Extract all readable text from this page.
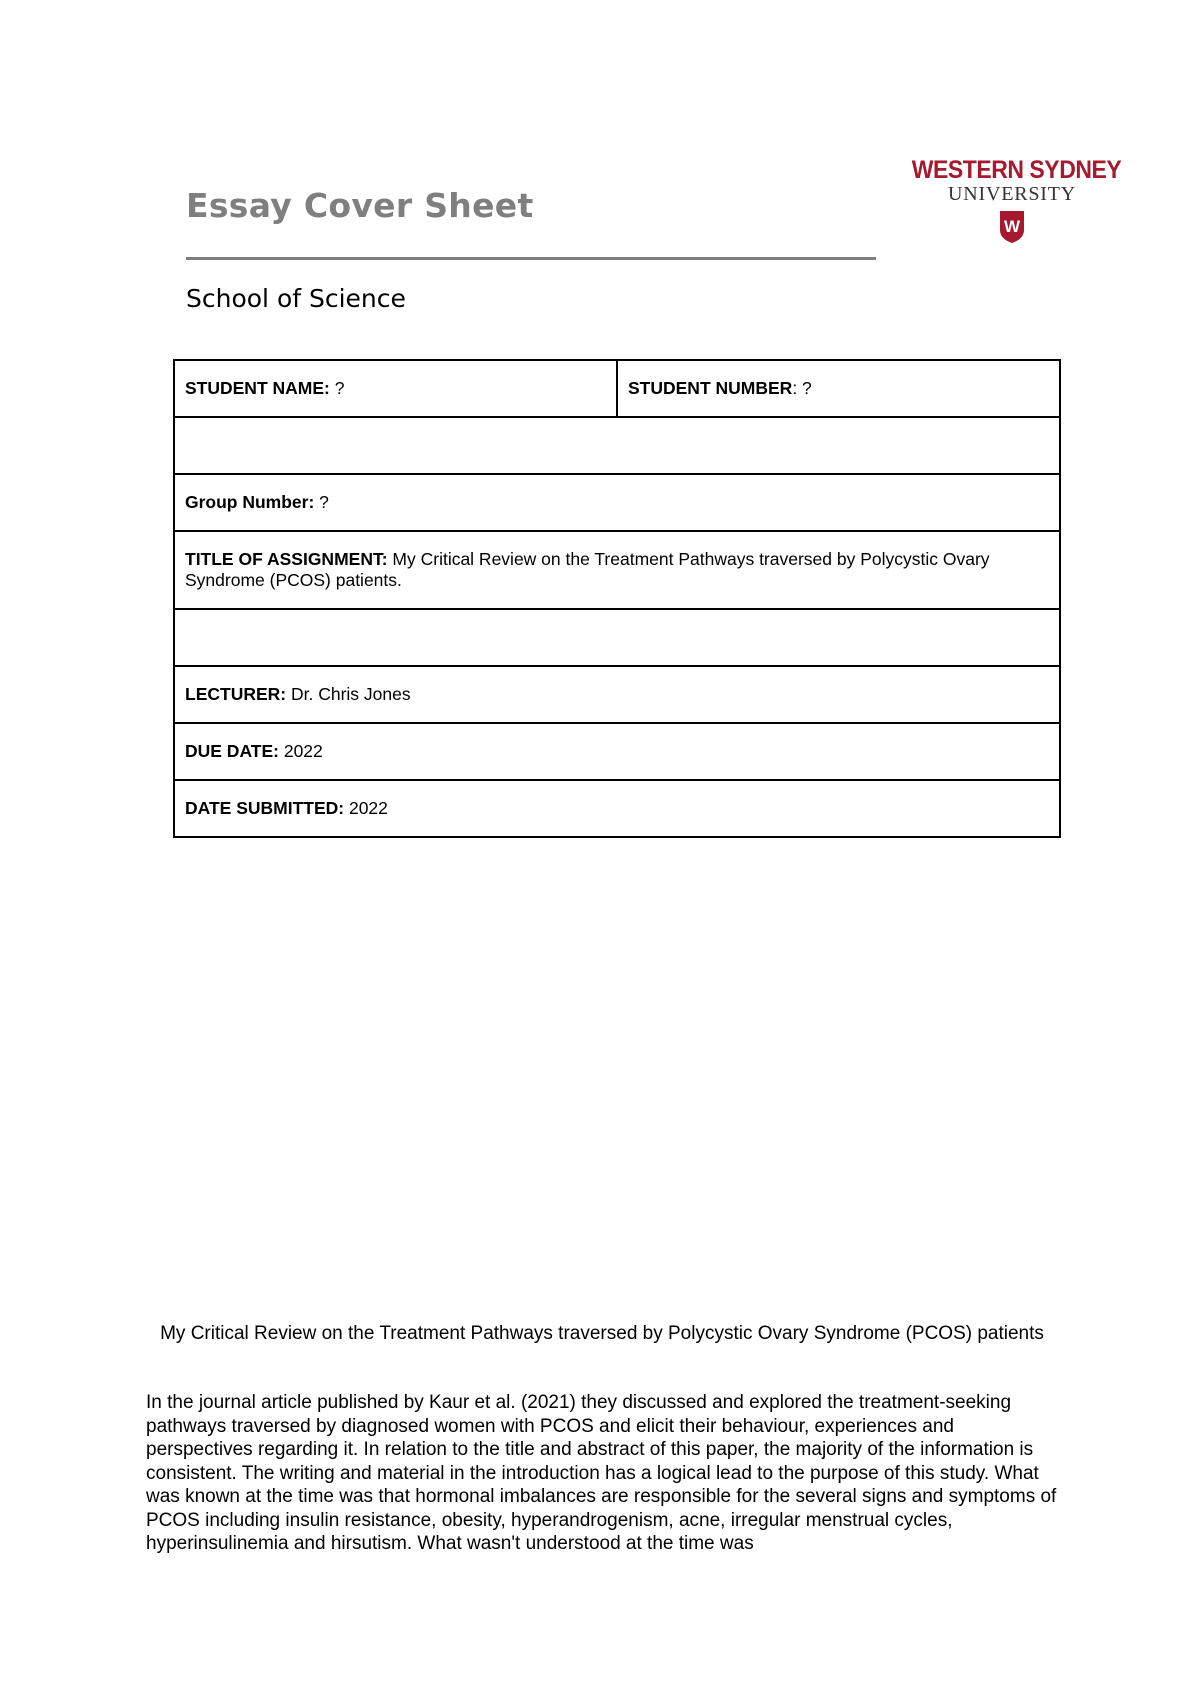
Essay Cover Sheet
School of Science
WESTERN SYDNEY
UNIVERSITY
W
STUDENT NAME: ?	STUDENT NUMBER: ?

Group Number: ?
TITLE OF ASSIGNMENT: My Critical Review on the Treatment Pathways traversed by Polycystic Ovary Syndrome (PCOS) patients.

LECTURER: Dr. Chris Jones
DUE DATE: 2022
DATE SUBMITTED: 2022
My Critical Review on the Treatment Pathways traversed by Polycystic Ovary Syndrome (PCOS) patients
In the journal article published by Kaur et al. (2021) they discussed and explored the treatment-seeking pathways traversed by diagnosed women with PCOS and elicit their behaviour, experiences and perspectives regarding it. In relation to the title and abstract of this paper, the majority of the information is consistent. The writing and material in the introduction has a logical lead to the purpose of this study. What was known at the time was that hormonal imbalances are responsible for the several signs and symptoms of PCOS including insulin resistance, obesity, hyperandrogenism, acne, irregular menstrual cycles, hyperinsulinemia and hirsutism. What wasn't understood at the time was
